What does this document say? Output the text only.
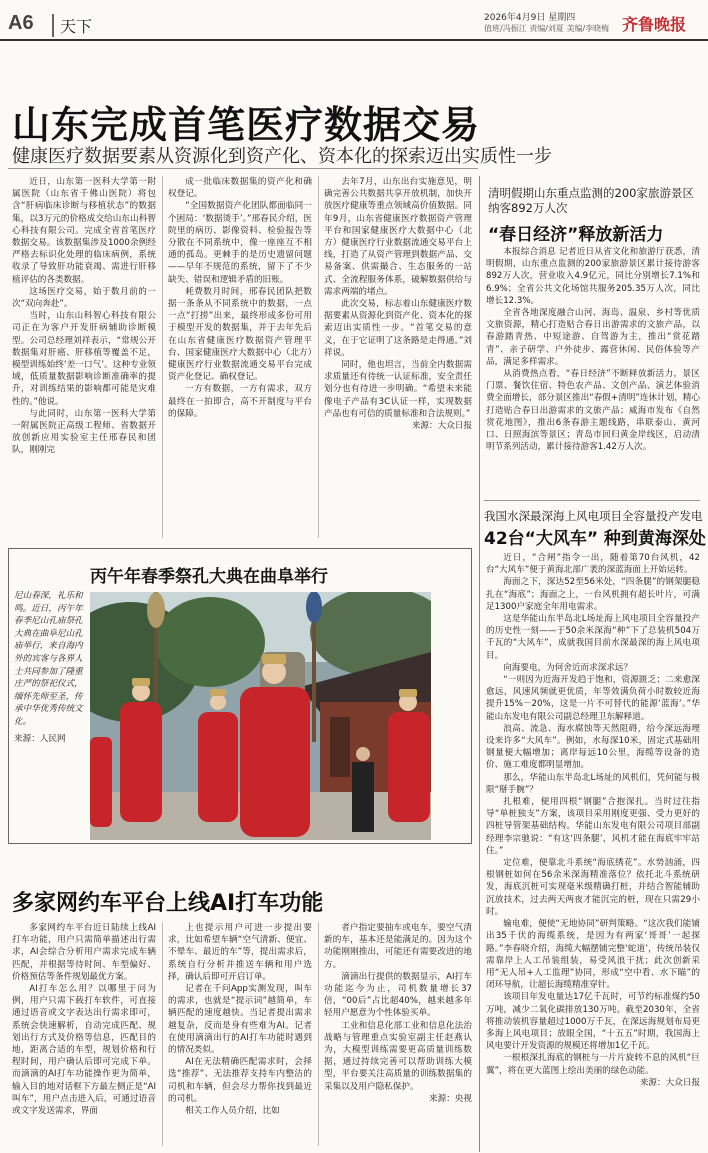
A6	天下	2026年4月9日 星期四
值班/冯振江 责编/刘夏 美编/李晓梅 齐鲁晚报
山东完成首笔医疗数据交易
健康医疗数据要素从资源化到资产化、资本化的探索迈出实质性一步

近日，山东第一医科大学第一附属医院（山东省千佛山医院）将包含“肝病临床诊断与移植状态”的数据集，以3万元的价格成交给山东山科智心科技有限公司。完成全省首笔医疗数据交易。该数据集涉及1000余例经严格去标识化处理的临床病例，系统收录了导致肝功能衰竭、需进行肝移植评估的各类数据。

这场医疗交易，始于数月前的一次“双向奔赴”。

当时，山东山科智心科技有限公司正在为客户开发肝病辅助诊断模型。公司总经理刘祥表示，“常规公开数据集对肝癌、肝移植等覆盖不足，模型训练始终‘差一口气’。这种专业领域，低质量数据影响诊断准确率的提升，对训练结果的影响都可能是灾难性的。”他说。

与此同时，山东第一医科大学第一附属医院正高级工程师、省数据开放创新应用实验室主任邢春民和团队，刚刚完

成一批临床数据集的资产化和确权登记。

“全国数据资产化团队都面临同一个困局：‘数据烫手’。”邢春民介绍，医院里的病历、影像资料、检验报告等分散在不同系统中，像一座座互不相通的孤岛。更棘手的是历史遗留问题——早年不规范的系统，留下了不少缺失、错误和逻辑矛盾的旧账。

耗费数月时间，邢春民团队把数据一条条从不同系统中的数据，一点一点“打捞”出来，最终形成多份可用于模型开发的数据集，并于去年先后在山东省健康医疗数据资产管理平台、国家健康医疗大数据中心（北方）健康医疗行业数据流通交易平台完成资产化登记、确权登记。

一方有数据，一方有需求，双方最终在一拍即合，高不开制度与平台的保障。

去年7月，山东出台实施意见，明确完善公共数据共享开放机制，加快开放医疗健康等重点领域高价值数据。同年9月，山东省健康医疗数据资产管理平台和国家健康医疗大数据中心（北方）健康医疗行业数据流通交易平台上线，打造了从资产管理到数据产品、交易备案、供需撮合、生态服务的一站式、全流程服务体系，破解数据供给与需求两端的堵点。

此次交易，标志着山东健康医疗数据要素从资源化到资产化、资本化的探索迈出实质性一步。“首笔交易的意义，在于它证明了这条路是走得通。”刘祥说。

同时，他也坦言，当前全内数据需求质量还有待统一认证标准，安全责任划分也有待进一步明确。“希望未来能像电子产品有3C认证一样，实现数据产品也有可信的质量标准和合法规则。”

来源：大众日报

清明假期山东重点监测的200家旅游景区纳客892万人次
“春日经济”释放新活力

本报综合消息 记者近日从省文化和旅游厅获悉，清明假期，山东重点监测的200家旅游景区累计接待游客892万人次，营业收入4.9亿元，同比分别增长7.1%和6.9%；全省公共文化场馆共服务205.35万人次，同比增长12.3%。

全省各地深度融合山河、海岛、温泉、乡村等优质文旅资源，精心打造贴合春日出游需求的文旅产品，以春游踏青热、中短途游、自驾游为主，推出“赏花踏青”、亲子研学、户外徒步、露营休闲、民俗体验等产品，满足多样需求。

从消费热点看，“春日经济”不断释放新活力，景区门票、餐饮住宿、特色农产品、文创产品、演艺体验消费全面增长，部分景区推出“春假+清明”连休计划，精心打造贴合春日出游需求的文旅产品；威海市发布《自然赏花地图》，推出6条春游主题线路，串联泰山、黄河口、日照海滨等景区；青岛市回归黄金岸线区，启动清明节系列活动，累计接待游客1.42万人次。

我国水深最深海上风电项目全容量投产发电
42台“大风车” 种到黄海深处

近日，“合闸”指令一出，随着第70台风机，42台“大风车”便于黄海北部广袤的深蓝海面上开始运转。

海面之下，深达52至56米处，“四条腿”的钢架腿稳扎在“海底”；海面之上，一台风机拥有超长叶片，可满足1300户家庭全年用电需求。

这是华能山东半岛北L场址海上风电项目全容量投产的历史性一刻——于50余米深海“种”下了总装机504万千瓦的“大风车”，成就我国目前水深最深的海上风电项目。

向海要电，为何舍近而求深求远？

“一则因为近海开发趋于饱和，资源匮乏；二来愈深愈远，风速风频就更优质，年等效满负荷小时数较近海提升15%－20%，这是一片不可替代的能源‘蓝海’。”华能山东发电有限公司副总经理卫东解释道。

浪高、流急、海水腐蚀等天然阻碍，给今深远海埋设来许多“大风车”。例如，水每深10米，固定式基础用钢量便大幅增加；离岸每远10公里，海缆等设备的造价、施工难度都明显增加。

那么，华能山东半岛北L场址的风机们，凭何能与极限“掰手腕”？

扎根难，便用四根“钢腿”合抱深扎。当时过往指导“单桩独支”方案，该项目采用刚度更强、受力更好的四桩导管架基础结构。华能山东发电有限公司项目部副经理李宗驰说：“有这‘四条腿’，风机才能在海底牢牢站住。”

定位难，便靠北斗系统“海底绣花”。水势汹涌，四根钢桩如何在56余米深海精准落位？依托北斗系统研发，海底沉桩可实现毫米级精确打桩，并结合智能辅助沉放技术，过去两天两夜才能沉完的桩，现在只需29小时。

输电难，便使“无地协同”研判策略。“这次我们能铺出35千伏的海缆系统，是因为有两家‘哥哥’一起探路。”李春晓介绍，海缆大幅摆铺完整‘蛇道’，传统吊装仅需靠岸上人工吊装组装，易受风浪干扰；此次创新采用“无人吊+人工监理”协同，形成“空中看、水下瞄”的闭环导航，让超长海缆精准穿针。

该项目年发电量达17亿千瓦时，可节约标准煤约50万吨，减少二氧化碳排放130万吨。截至2030年，全省将推动装机容量超过1000万千瓦，在深远海规划布局更多海上风电项目；放眼全国，“十五五”时期，我国海上风电要计开发资源的规模还将增加1亿千瓦。

一根根深扎海底的钢桩与一片片旋转不息的风机“巨翼”，将在更大蓝图上绘出美丽的绿色动能。

来源：大众日报

丙午年春季祭孔大典在曲阜举行
尼山春深，礼乐和鸣。近日，丙午年春季尼山孔庙祭孔大典在曲阜尼山孔庙举行，来自海内外的宾客与各界人士共同参加了隆重庄严的祭祀仪式，缅怀先师至圣，传承中华优秀传统文化。
来源：人民网
多家网约车平台上线AI打车功能

多家网约车平台近日陆续上线AI打车功能，用户只需简单描述出行需求，AI会综合分析用户需求完成车辆匹配，并根据等待时间、车型偏好、价格预估等条件规划最优方案。

AI打车怎么用？以哪里于问为例，用户只需下载打车软件，可直接通过语音或文字表达出行需求即可，系统会快速解析，自动完成匹配、规划出行方式及价格等信息，匹配目的地，距离合适的车型，规划价格和行程时间，用户确认后即可完成下单。而滴滴的AI打车功能操作更为简单，输入目的地对话框下方最左侧正是“AI叫车”，用户点击进入后，可通过语音或文字发送需求，界面

上也提示用户可进一步提出要求，比如希望车辆“空气清新、便宜、不晕车、最近的车”等，提出需求后，系统自行分析并推送车辆和用户选择，确认后即可开启订单。

记者在千问App实测发现，叫车的需求，也就是“提示词”越简单，车辆匹配的速度越快。当记者提出需求越复杂，反而是身有些难为AI。记者在使用滴滴出行的AI打车功能时遇到的情况类似。

AI在无法精确匹配需求时，会择选“推荐”、无法推荐支持车内整洁的司机和车辆，但会尽力帮你找到最近的司机。

相关工作人员介绍，比如

者户指定要抽车或电车，要空气清新的车，基本还是能满足的。因为这个功能刚刚推出，可能还有需要改进的地方。

滴滴出行提供的数据显示，AI打车功能迄今为止，司机数量增长37倍，“00后”占比超40%，越来越多年轻用户愿意为个性体验买单。

工业和信息化部工业和信息化法治战略与管理重点实验室副主任赵燕认为，大模型训练需要更高质量训练数据，通过持续完善可以帮助训练大模型，平台要关注高质量的训练数据集的采集以及用户隐私保护。

来源：央视
